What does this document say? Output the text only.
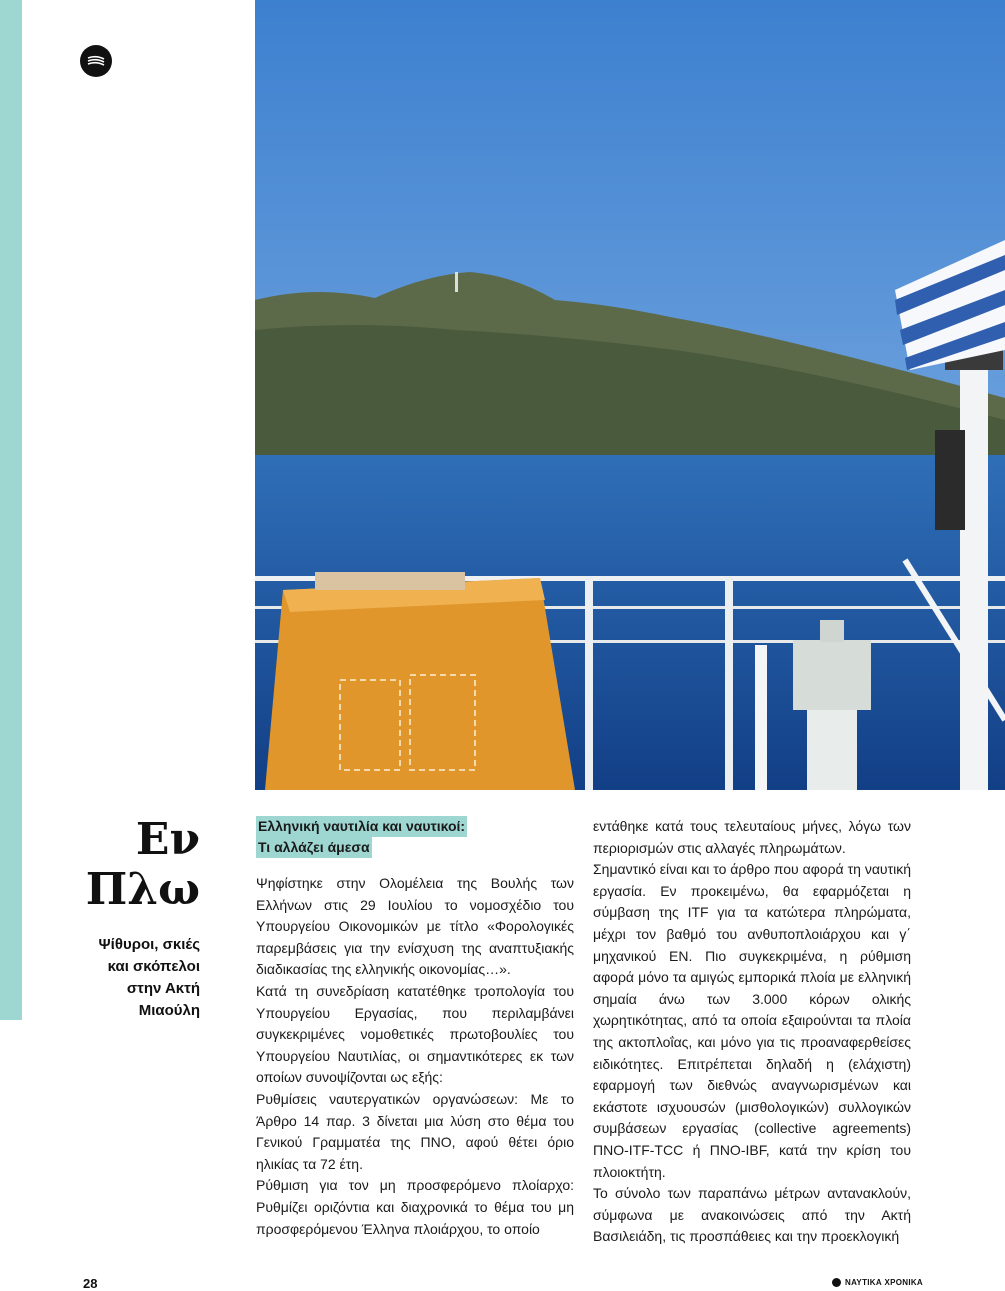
Εν
Πλω
Ψίθυροι, σκιές
και σκόπελοι
στην Ακτή
Μιαούλη
Ελληνική ναυτιλία και ναυτικοί:
Τι αλλάζει άμεσα

Ψηφίστηκε στην Ολομέλεια της Βουλής των Ελλήνων στις 29 Ιουλίου το νομοσχέδιο του Υπουργείου Οικονομικών με τίτλο «Φορολογικές παρεμβάσεις για την ενίσχυση της αναπτυξιακής διαδικασίας της ελληνικής οικονομίας…».

Κατά τη συνεδρίαση κατατέθηκε τροπολογία του Υπουργείου Εργασίας, που περιλαμβάνει συγκεκριμένες νομοθετικές πρωτοβουλίες του Υπουργείου Ναυτιλίας, οι σημαντικότερες εκ των οποίων συνοψίζονται ως εξής:

Ρυθμίσεις ναυτεργατικών οργανώσεων: Με το Άρθρο 14 παρ. 3 δίνεται μια λύση στο θέμα του Γενικού Γραμματέα της ΠΝΟ, αφού θέτει όριο ηλικίας τα 72 έτη.

Ρύθμιση για τον μη προσφερόμενο πλοίαρχο: Ρυθμίζει οριζόντια και διαχρονικά το θέμα του μη προσφερόμενου Έλληνα πλοιάρχου, το οποίο

εντάθηκε κατά τους τελευταίους μήνες, λόγω των περιορισμών στις αλλαγές πληρωμάτων.

Σημαντικό είναι και το άρθρο που αφορά τη ναυτική εργασία. Εν προκειμένω, θα εφαρμόζεται η σύμβαση της ITF για τα κατώτερα πληρώματα, μέχρι τον βαθμό του ανθυποπλοιάρχου και γ΄ μηχανικού ΕΝ. Πιο συγκεκριμένα, η ρύθμιση αφορά μόνο τα αμιγώς εμπορικά πλοία με ελληνική σημαία άνω των 3.000 κόρων ολικής χωρητικότητας, από τα οποία εξαιρούνται τα πλοία της ακτοπλοΐας, και μόνο για τις προαναφερθείσες ειδικότητες. Επιτρέπεται δηλαδή η (ελάχιστη) εφαρμογή των διεθνώς αναγνωρισμένων και εκάστοτε ισχυουσών (μισθολογικών) συλλογικών συμβάσεων εργασίας (collective agreements) ΠΝΟ-ITF-TCC ή ΠΝΟ-IBF, κατά την κρίση του πλοιοκτήτη.

Το σύνολο των παραπάνω μέτρων αντανακλούν, σύμφωνα με ανακοινώσεις από την Ακτή Βασιλειάδη, τις προσπάθειες και την προεκλογική

28	ΝΑΥΤΙΚΑ ΧΡΟΝΙΚΑ
